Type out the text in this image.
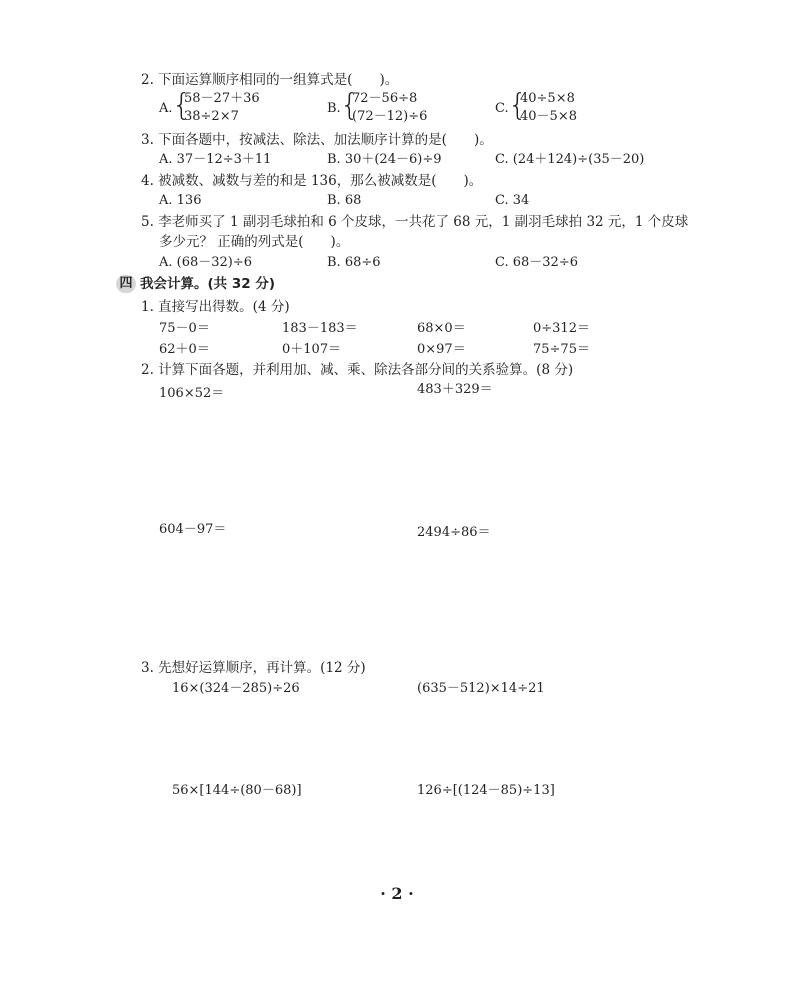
2. 下面运算顺序相同的一组算式是(　　)。
A. {
58－27＋36
38÷2×7
B. {
72－56÷8
(72－12)÷6
C. {
40÷5×8
40－5×8
3. 下面各题中，按减法、除法、加法顺序计算的是(　　)。
A. 37－12÷3＋11	B. 30＋(24－6)÷9	C. (24＋124)÷(35－20)
4. 被减数、减数与差的和是 136，那么被减数是(　　)。
A. 136	B. 68	C. 34
5. 李老师买了 1 副羽毛球拍和 6 个皮球，一共花了 68 元，1 副羽毛球拍 32 元，1 个皮球
多少元？ 正确的列式是(　　)。
A. (68－32)÷6	B. 68÷6	C. 68－32÷6
四 我会计算。(共 32 分)
1. 直接写出得数。(4 分)
75－0＝	183－183＝	68×0＝	0÷312＝
62＋0＝	0＋107＝	0×97＝	75÷75＝
2. 计算下面各题，并利用加、减、乘、除法各部分间的关系验算。(8 分)
106×52＝	483＋329＝
604－97＝	2494÷86＝
3. 先想好运算顺序，再计算。(12 分)
16×(324－285)÷26	(635－512)×14÷21
56×[144÷(80－68)]	126÷[(124－85)÷13]
· 2 ·
